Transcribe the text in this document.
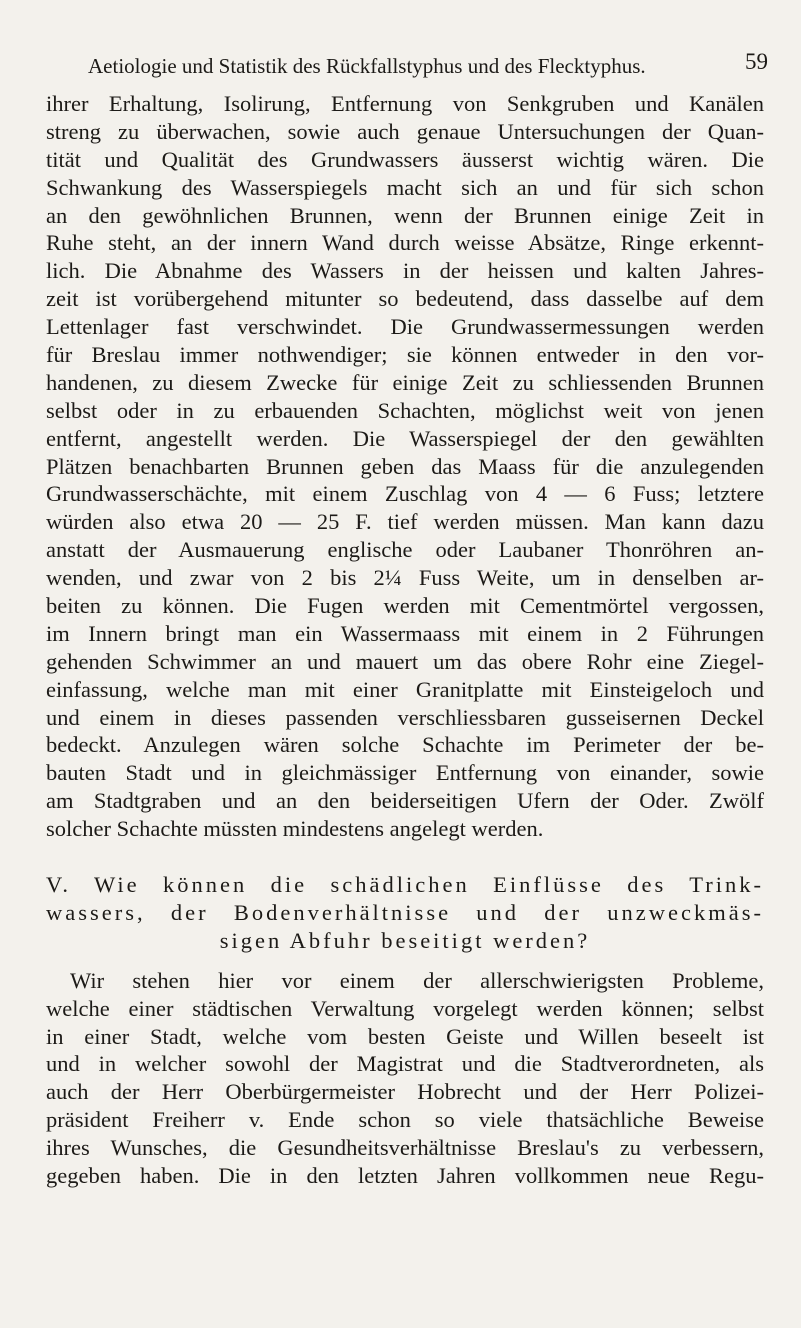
Aetiologie und Statistik des Rückfallstyphus und des Flecktyphus.	59
ihrer Erhaltung, Isolirung, Entfernung von Senkgruben und Kanälen
streng zu überwachen, sowie auch genaue Untersuchungen der Quan-
tität und Qualität des Grundwassers äusserst wichtig wären. Die
Schwankung des Wasserspiegels macht sich an und für sich schon
an den gewöhnlichen Brunnen, wenn der Brunnen einige Zeit in
Ruhe steht, an der innern Wand durch weisse Absätze, Ringe erkennt-
lich. Die Abnahme des Wassers in der heissen und kalten Jahres-
zeit ist vorübergehend mitunter so bedeutend, dass dasselbe auf dem
Lettenlager fast verschwindet. Die Grundwassermessungen werden
für Breslau immer nothwendiger; sie können entweder in den vor-
handenen, zu diesem Zwecke für einige Zeit zu schliessenden Brunnen
selbst oder in zu erbauenden Schachten, möglichst weit von jenen
entfernt, angestellt werden. Die Wasserspiegel der den gewählten
Plätzen benachbarten Brunnen geben das Maass für die anzulegenden
Grundwasserschächte, mit einem Zuschlag von 4 — 6 Fuss; letztere
würden also etwa 20 — 25 F. tief werden müssen. Man kann dazu
anstatt der Ausmauerung englische oder Laubaner Thonröhren an-
wenden, und zwar von 2 bis 2¼ Fuss Weite, um in denselben ar-
beiten zu können. Die Fugen werden mit Cementmörtel vergossen,
im Innern bringt man ein Wassermaass mit einem in 2 Führungen
gehenden Schwimmer an und mauert um das obere Rohr eine Ziegel-
einfassung, welche man mit einer Granitplatte mit Einsteigeloch und
und einem in dieses passenden verschliessbaren gusseisernen Deckel
bedeckt. Anzulegen wären solche Schachte im Perimeter der be-
bauten Stadt und in gleichmässiger Entfernung von einander, sowie
am Stadtgraben und an den beiderseitigen Ufern der Oder. Zwölf
solcher Schachte müssten mindestens angelegt werden.
V. Wie können die schädlichen Einflüsse des Trink-
wassers, der Bodenverhältnisse und der unzweckmäs-
sigen Abfuhr beseitigt werden?
Wir stehen hier vor einem der allerschwierigsten Probleme,
welche einer städtischen Verwaltung vorgelegt werden können; selbst
in einer Stadt, welche vom besten Geiste und Willen beseelt ist
und in welcher sowohl der Magistrat und die Stadtverordneten, als
auch der Herr Oberbürgermeister Hobrecht und der Herr Polizei-
präsident Freiherr v. Ende schon so viele thatsächliche Beweise
ihres Wunsches, die Gesundheitsverhältnisse Breslau's zu verbessern,
gegeben haben. Die in den letzten Jahren vollkommen neue Regu-
